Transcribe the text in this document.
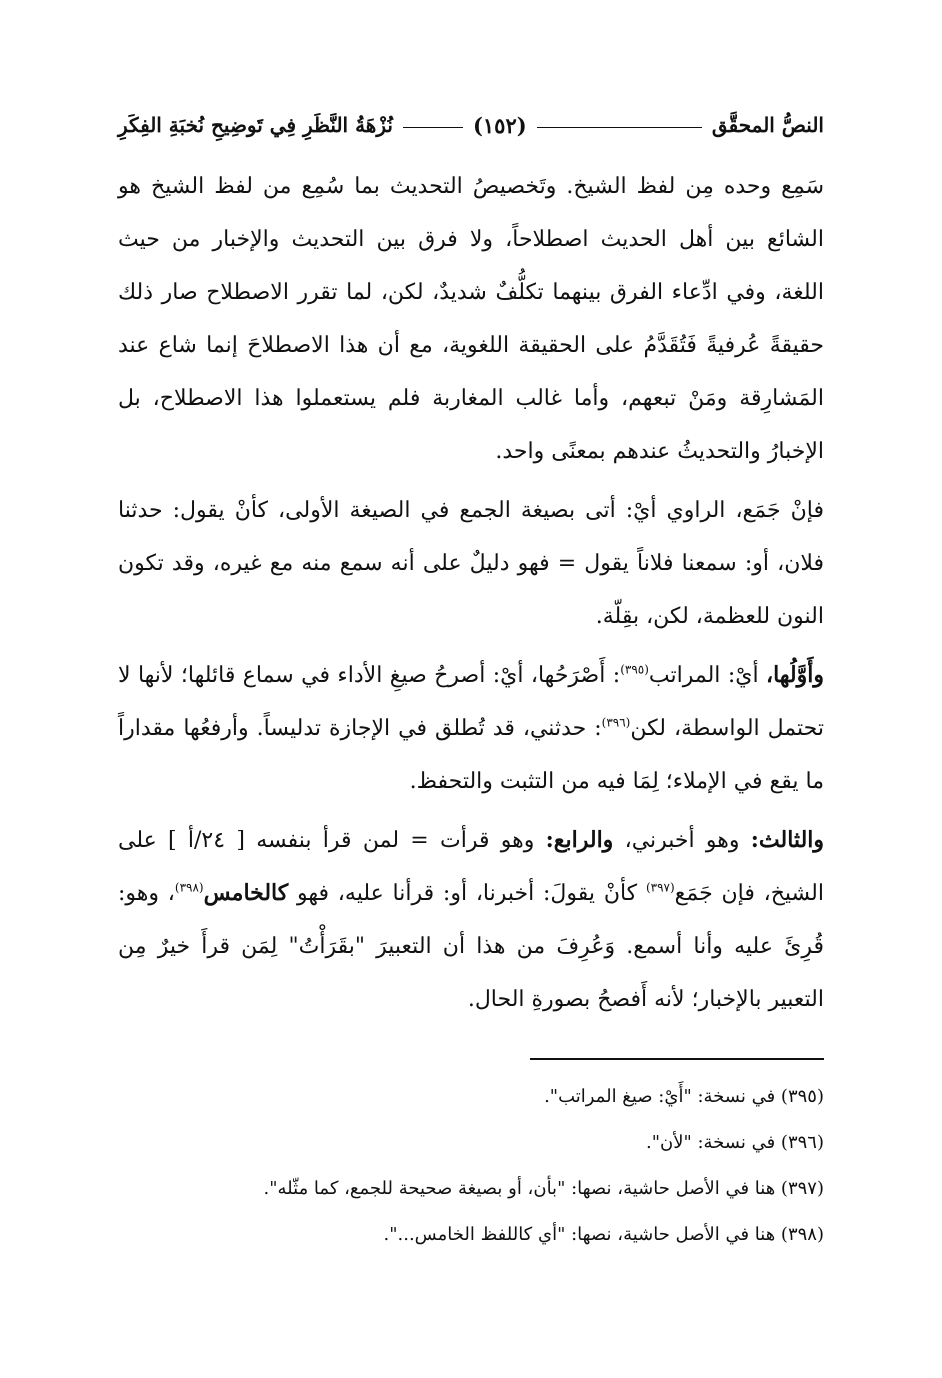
النصُّ المحقَّق
(١٥٢)
نُزْهَةُ النَّظَرِ فِي تَوضِيحِ نُخبَةِ الفِكَرِ

سَمِع وحده مِن لفظ الشيخ. وتَخصيصُ التحديث بما سُمِع من لفظ الشيخ هو الشائع بين أهل الحديث اصطلاحاً، ولا فرق بين التحديث والإخبار من حيث اللغة، وفي ادِّعاء الفرق بينهما تكلُّفٌ شديدٌ، لكن، لما تقرر الاصطلاح صار ذلك حقيقةً عُرفيةً فَتُقَدَّمُ على الحقيقة اللغوية، مع أن هذا الاصطلاحَ إنما شاع عند المَشارِقة ومَنْ تبعهم، وأما غالب المغاربة فلم يستعملوا هذا الاصطلاح، بل الإخبارُ والتحديثُ عندهم بمعنًى واحد.

فإنْ جَمَع، الراوي أيْ: أتى بصيغة الجمع في الصيغة الأولى، كأنْ يقول: حدثنا فلان، أو: سمعنا فلاناً يقول = فهو دليلٌ على أنه سمع منه مع غيره، وقد تكون النون للعظمة، لكن، بقِلّة.

وأَوَّلُها، أيْ: المراتب$^{(٣٩٥)}$: أَصْرَحُها، أيْ: أصرحُ صيغِ الأداء في سماع قائلها؛ لأنها لا تحتمل الواسطة، لكن$^{(٣٩٦)}$: حدثني، قد تُطلق في الإجازة تدليساً. وأرفعُها مقداراً ما يقع في الإملاء؛ لِمَا فيه من التثبت والتحفظ.

والثالث: وهو أخبرني، والرابع: وهو قرأت = لمن قرأ بنفسه [ ٢٤/أ ] على الشيخ، فإن جَمَع$^{(٣٩٧)}$ كأنْ يقولَ: أخبرنا، أو: قرأنا عليه، فهو كالخامس$^{(٣٩٨)}$، وهو: قُرِئَ عليه وأنا أسمع. وَعُرِفَ من هذا أن التعبيرَ "بقَرَأْتُ" لِمَن قرأَ خيرٌ مِن التعبير بالإخبار؛ لأنه أَفصحُ بصورةِ الحال.

(٣٩٥) في نسخة: "أَيْ: صيغ المراتب".

(٣٩٦) في نسخة: "لأن".

(٣٩٧) هنا في الأصل حاشية، نصها: "بأن، أو بصيغة صحيحة للجمع، كما مثّله".

(٣٩٨) هنا في الأصل حاشية، نصها: "أي كاللفظ الخامس...".
